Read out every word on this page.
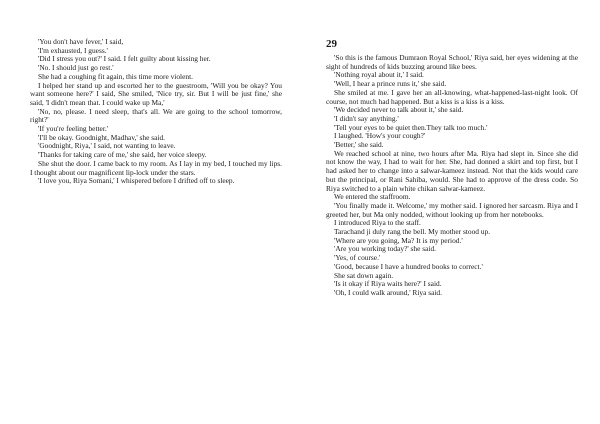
'You don't have fever,' I said,

'I'm exhausted, I guess.'

'Did I stress you out?' I said. I felt guilty about kissing her.

'No. I should just go rest.'

She had a coughing fit again, this time more violent.

I helped her stand up and escorted her to the guestroom, 'Will you be okay? You want someone here?' I said, She smiled, 'Nice try, sir. But I will be just fine,' she said, 'I didn't mean that. I could wake up Ma,'

'No, no, please. I need sleep, that's all. We are going to the school tomorrow, right?'

'If you're feeling better.'

'I'll be okay. Goodnight, Madhav,' she said.

'Goodnight, Riya,' I said, not wanting to leave.

'Thanks for taking care of me,' she said, her voice sleepy.

She shut the door. I came back to my room. As I lay in my bed, I touched my lips. I thought about our magnificent lip-lock under the stars.

'I love you, Riya Somani,' I whispered before I drifted off to sleep.

29

'So this is the famous Dumraon Royal School,' Riya said, her eyes widening at the sight of hundreds of kids buzzing around like bees.

'Nothing royal about it,' I said.

'Well, I hear a prince runs it,' she said.

She smiled at me. I gave her an all-knowing, what-happened-last-night look. Of course, not much had happened. But a kiss is a kiss is a kiss.

'We decided never to talk about it,' she said.

'I didn't say anything.'

'Tell your eyes to be quiet then.They talk too much.'

I laughed. 'How's your cough?'

'Better,' she said.

We reached school at nine, two hours after Ma. Riya had slept in. Since she did not know the way, I had to wait for her. She, had donned a skirt and top first, but I had asked her to change into a salwar-kameez instead. Not that the kids would care but the principal, or Rani Sahiba, would. She had to approve of the dress code. So Riya switched to a plain white chikan salwar-kameez.

We entered the staffroom.

'You finally made it. Welcome,' my mother said. I ignored her sarcasm. Riya and I greeted her, but Ma only nodded, without looking up from her notebooks.

I introduced Riya to the staff.

Tarachand ji duly rang the bell. My mother stood up.

'Where are you going, Ma? It is my period.'

'Are you working today?' she said.

'Yes, of course.'

'Good, because I have a hundred books to correct.'

She sat down again.

'Is it okay if Riya waits here?' I said.

'Oh, I could walk around,' Riya said.
